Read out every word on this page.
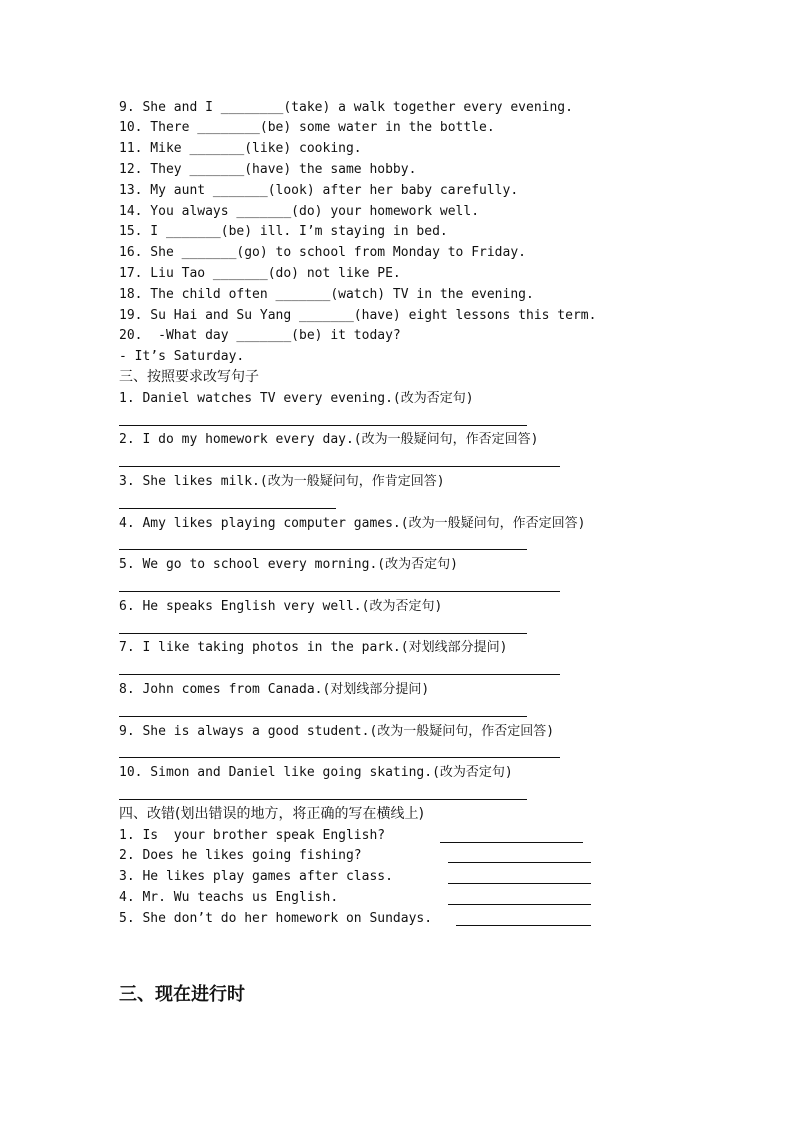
9. She and I ________(take) a walk together every evening.
10. There ________(be) some water in the bottle.
11. Mike _______(like) cooking.
12. They _______(have) the same hobby.
13. My aunt _______(look) after her baby carefully.
14. You always _______(do) your homework well.
15. I _______(be) ill. I’m staying in bed.
16. She _______(go) to school from Monday to Friday.
17. Liu Tao _______(do) not like PE.
18. The child often _______(watch) TV in the evening.
19. Su Hai and Su Yang _______(have) eight lessons this term.
20.  -What day _______(be) it today?
- It’s Saturday.
三、按照要求改写句子
1. Daniel watches TV every evening.(改为否定句)
2. I do my homework every day.(改为一般疑问句，作否定回答)
3. She likes milk.(改为一般疑问句，作肯定回答)
4. Amy likes playing computer games.(改为一般疑问句，作否定回答)
5. We go to school every morning.(改为否定句)
6. He speaks English very well.(改为否定句)
7. I like taking photos in the park.(对划线部分提问)
8. John comes from Canada.(对划线部分提问)
9. She is always a good student.(改为一般疑问句，作否定回答)
10. Simon and Daniel like going skating.(改为否定句)
四、改错(划出错误的地方，将正确的写在横线上)
1. Is  your brother speak English?
2. Does he likes going fishing?
3. He likes play games after class.
4. Mr. Wu teachs us English.
5. She don’t do her homework on Sundays.
三、现在进行时
